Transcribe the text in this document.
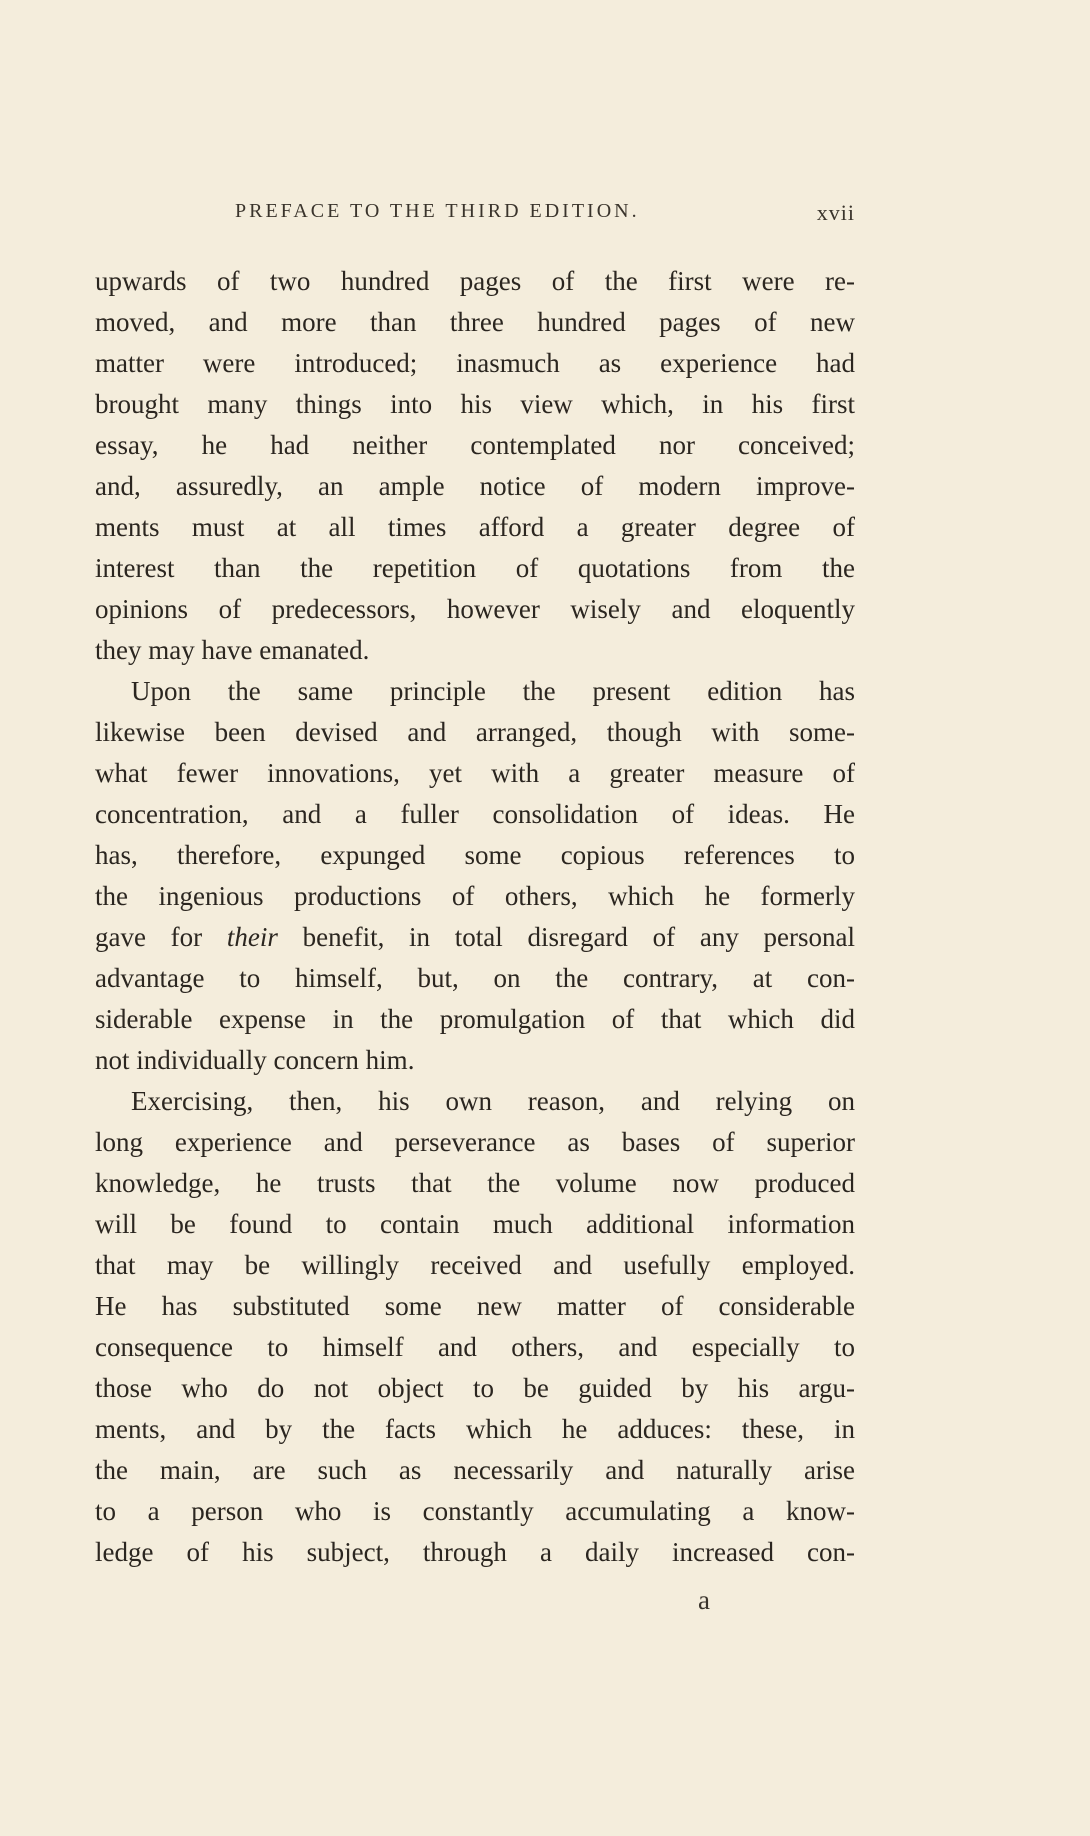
PREFACE TO THE THIRD EDITION.	xvii
upwards of two hundred pages of the first were re-
moved, and more than three hundred pages of new
matter were introduced; inasmuch as experience had
brought many things into his view which, in his first
essay, he had neither contemplated nor conceived;
and, assuredly, an ample notice of modern improve-
ments must at all times afford a greater degree of
interest than the repetition of quotations from the
opinions of predecessors, however wisely and eloquently
they may have emanated.
Upon the same principle the present edition has
likewise been devised and arranged, though with some-
what fewer innovations, yet with a greater measure of
concentration, and a fuller consolidation of ideas. He
has, therefore, expunged some copious references to
the ingenious productions of others, which he formerly
gave for their benefit, in total disregard of any personal
advantage to himself, but, on the contrary, at con-
siderable expense in the promulgation of that which did
not individually concern him.
Exercising, then, his own reason, and relying on
long experience and perseverance as bases of superior
knowledge, he trusts that the volume now produced
will be found to contain much additional information
that may be willingly received and usefully employed.
He has substituted some new matter of considerable
consequence to himself and others, and especially to
those who do not object to be guided by his argu-
ments, and by the facts which he adduces: these, in
the main, are such as necessarily and naturally arise
to a person who is constantly accumulating a know-
ledge of his subject, through a daily increased con-
a
